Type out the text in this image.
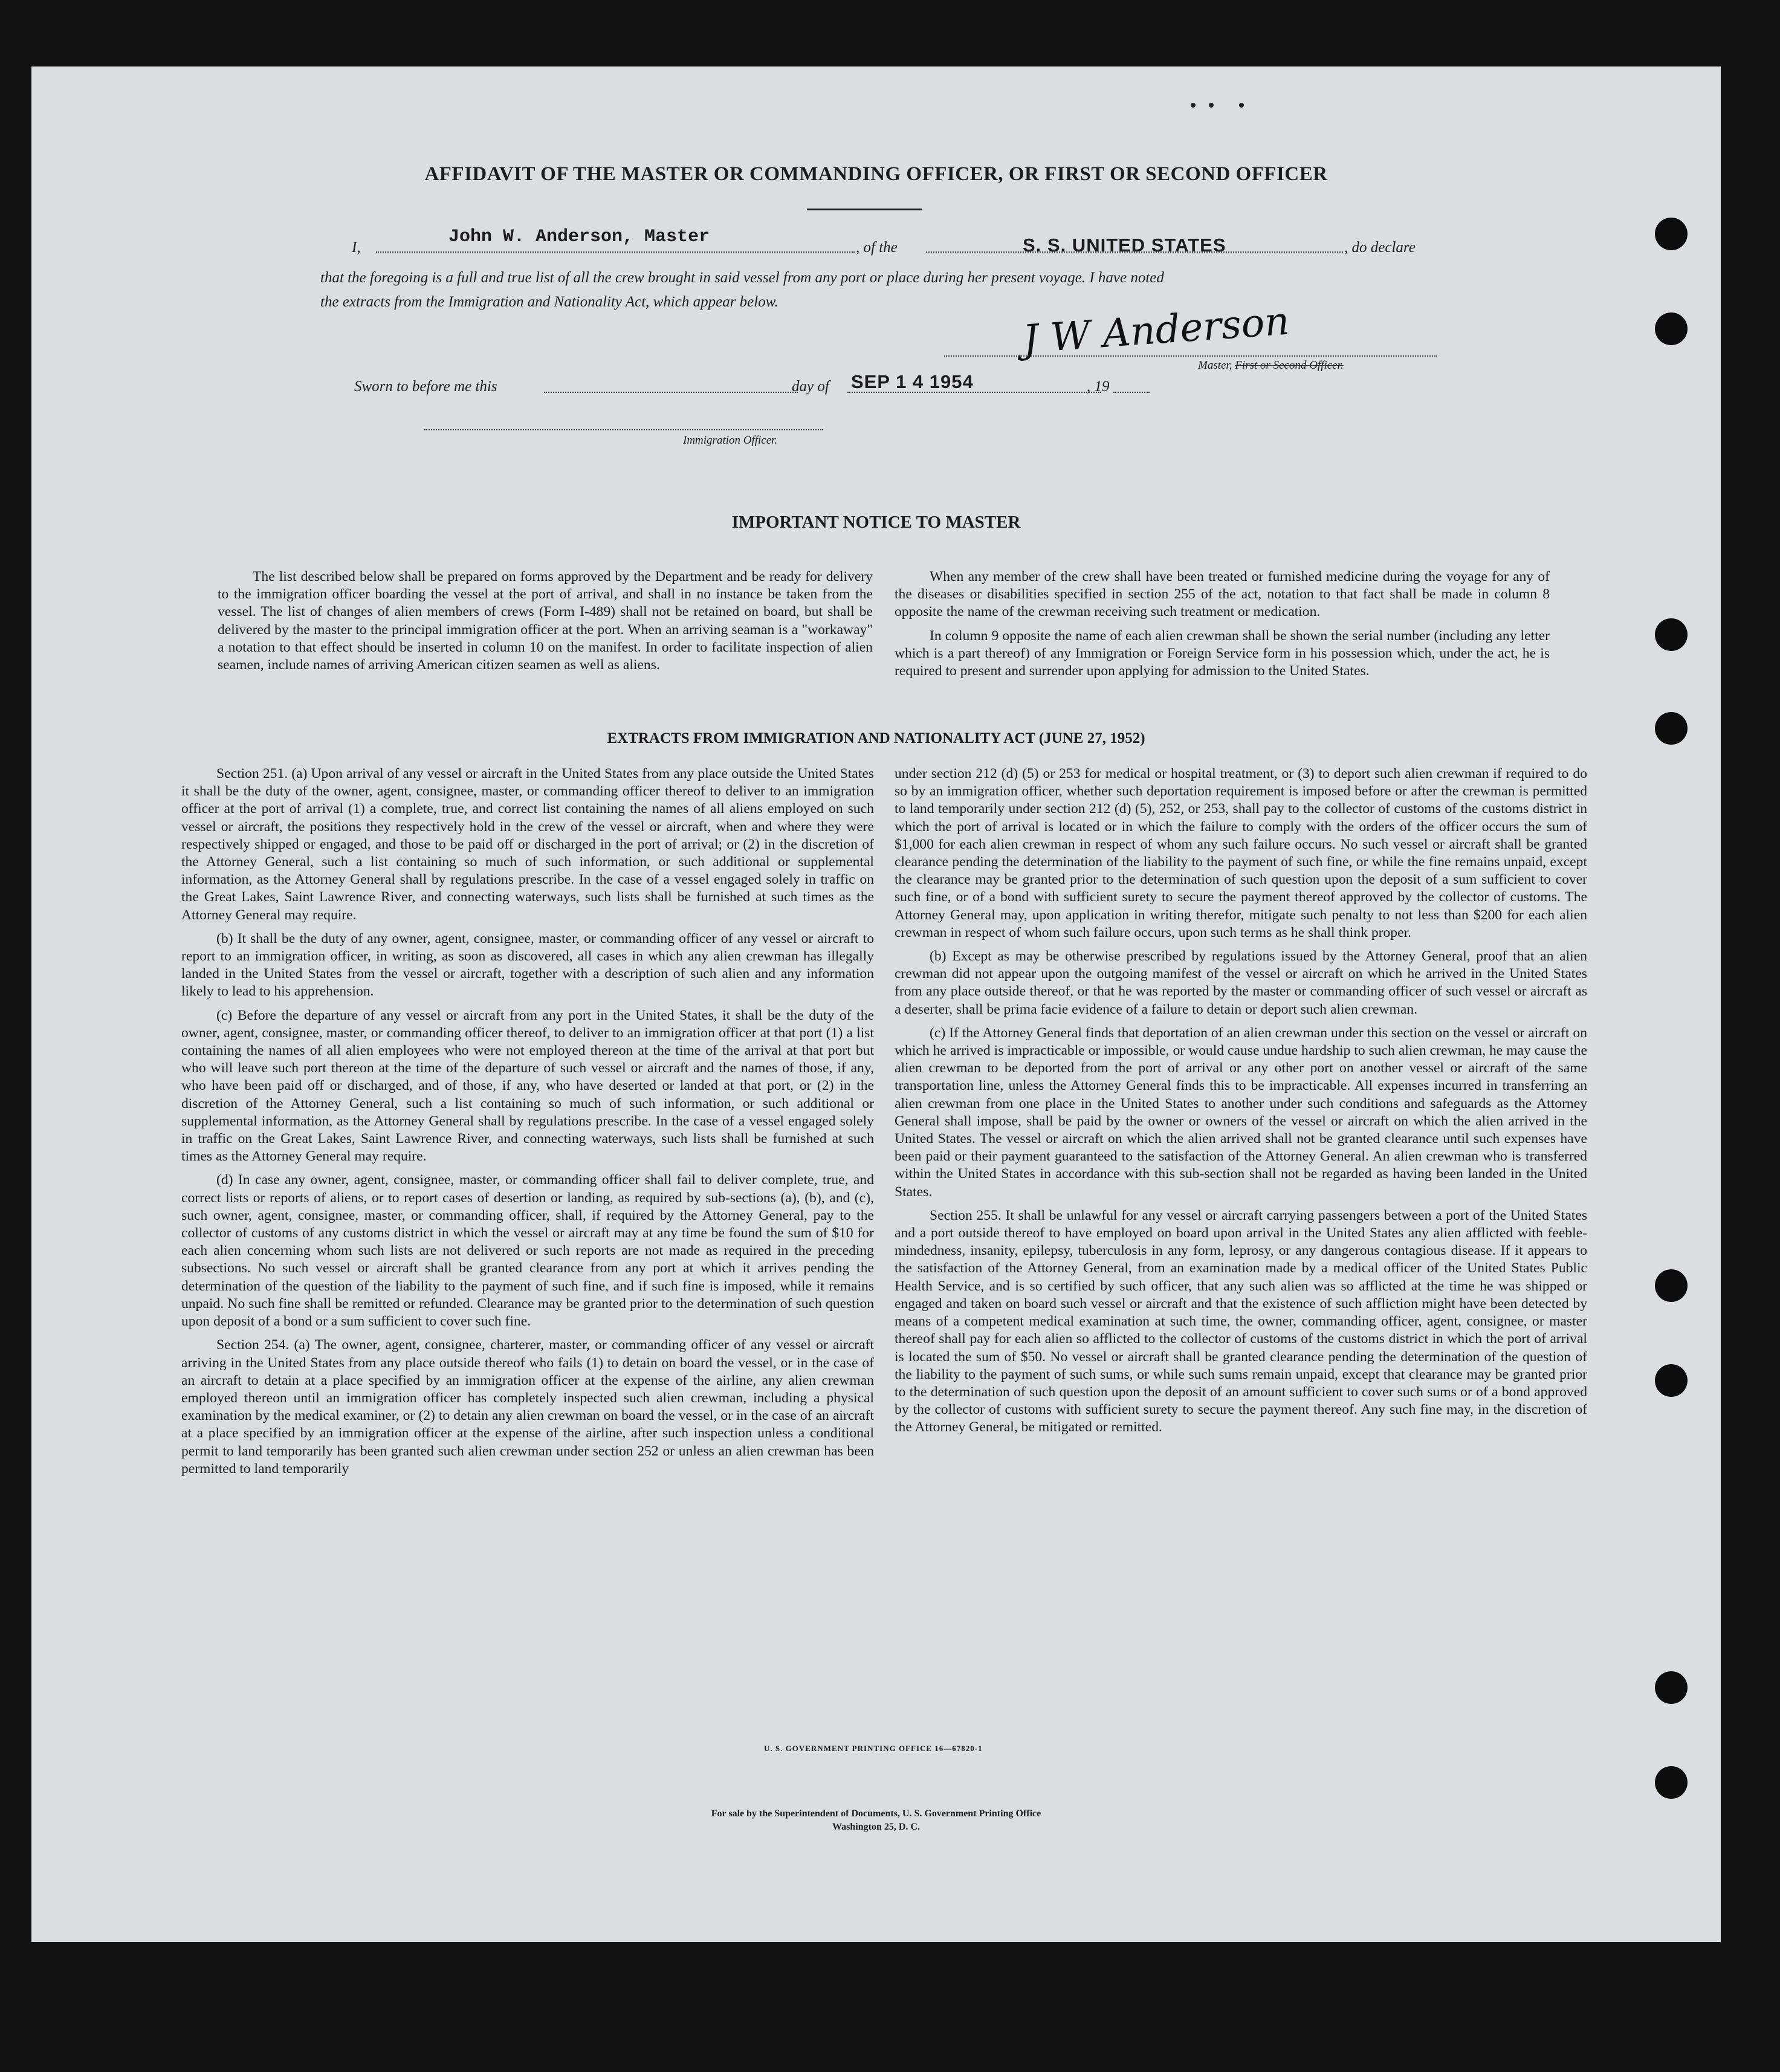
AFFIDAVIT OF THE MASTER OR COMMANDING OFFICER, OR FIRST OR SECOND OFFICER
I,
John W. Anderson, Master
, of the	S. S. UNITED STATES	, do declare
that the foregoing is a full and true list of all the crew brought in said vessel from any port or place during her present voyage. I have noted
the extracts from the Immigration and Nationality Act, which appear below.	J W Anderson
Master, First or Second Officer.
Sworn to before me this	day of SEP 1 4 1954	, 19
Immigration Officer.
IMPORTANT NOTICE TO MASTER

The list described below shall be prepared on forms approved by the Department and be ready for delivery to the immigration officer boarding the vessel at the port of arrival, and shall in no instance be taken from the vessel. The list of changes of alien members of crews (Form I-489) shall not be retained on board, but shall be delivered by the master to the principal immigration officer at the port. When an arriving seaman is a "workaway" a notation to that effect should be inserted in column 10 on the manifest. In order to facilitate inspection of alien seamen, include names of arriving American citizen seamen as well as aliens.

When any member of the crew shall have been treated or furnished medicine during the voyage for any of the diseases or disabilities specified in section 255 of the act, notation to that fact shall be made in column 8 opposite the name of the crewman receiving such treatment or medication.

In column 9 opposite the name of each alien crewman shall be shown the serial number (including any letter which is a part thereof) of any Immigration or Foreign Service form in his possession which, under the act, he is required to present and surrender upon applying for admission to the United States.

EXTRACTS FROM IMMIGRATION AND NATIONALITY ACT (JUNE 27, 1952)

Section 251. (a) Upon arrival of any vessel or aircraft in the United States from any place outside the United States it shall be the duty of the owner, agent, consignee, master, or commanding officer thereof to deliver to an immigration officer at the port of arrival (1) a complete, true, and correct list containing the names of all aliens employed on such vessel or aircraft, the positions they respectively hold in the crew of the vessel or aircraft, when and where they were respectively shipped or engaged, and those to be paid off or discharged in the port of arrival; or (2) in the discretion of the Attorney General, such a list containing so much of such information, or such additional or supplemental information, as the Attorney General shall by regulations prescribe. In the case of a vessel engaged solely in traffic on the Great Lakes, Saint Lawrence River, and connecting waterways, such lists shall be furnished at such times as the Attorney General may require.

(b) It shall be the duty of any owner, agent, consignee, master, or commanding officer of any vessel or aircraft to report to an immigration officer, in writing, as soon as discovered, all cases in which any alien crewman has illegally landed in the United States from the vessel or aircraft, together with a description of such alien and any information likely to lead to his apprehension.

(c) Before the departure of any vessel or aircraft from any port in the United States, it shall be the duty of the owner, agent, consignee, master, or commanding officer thereof, to deliver to an immigration officer at that port (1) a list containing the names of all alien employees who were not employed thereon at the time of the arrival at that port but who will leave such port thereon at the time of the departure of such vessel or aircraft and the names of those, if any, who have been paid off or discharged, and of those, if any, who have deserted or landed at that port, or (2) in the discretion of the Attorney General, such a list containing so much of such information, or such additional or supplemental information, as the Attorney General shall by regulations prescribe. In the case of a vessel engaged solely in traffic on the Great Lakes, Saint Lawrence River, and connecting waterways, such lists shall be furnished at such times as the Attorney General may require.

(d) In case any owner, agent, consignee, master, or commanding officer shall fail to deliver complete, true, and correct lists or reports of aliens, or to report cases of desertion or landing, as required by sub-sections (a), (b), and (c), such owner, agent, consignee, master, or commanding officer, shall, if required by the Attorney General, pay to the collector of customs of any customs district in which the vessel or aircraft may at any time be found the sum of $10 for each alien concerning whom such lists are not delivered or such reports are not made as required in the preceding subsections. No such vessel or aircraft shall be granted clearance from any port at which it arrives pending the determination of the question of the liability to the payment of such fine, and if such fine is imposed, while it remains unpaid. No such fine shall be remitted or refunded. Clearance may be granted prior to the determination of such question upon deposit of a bond or a sum sufficient to cover such fine.

Section 254. (a) The owner, agent, consignee, charterer, master, or commanding officer of any vessel or aircraft arriving in the United States from any place outside thereof who fails (1) to detain on board the vessel, or in the case of an aircraft to detain at a place specified by an immigration officer at the expense of the airline, any alien crewman employed thereon until an immigration officer has completely inspected such alien crewman, including a physical examination by the medical examiner, or (2) to detain any alien crewman on board the vessel, or in the case of an aircraft at a place specified by an immigration officer at the expense of the airline, after such inspection unless a conditional permit to land temporarily has been granted such alien crewman under section 252 or unless an alien crewman has been permitted to land temporarily

under section 212 (d) (5) or 253 for medical or hospital treatment, or (3) to deport such alien crewman if required to do so by an immigration officer, whether such deportation requirement is imposed before or after the crewman is permitted to land temporarily under section 212 (d) (5), 252, or 253, shall pay to the collector of customs of the customs district in which the port of arrival is located or in which the failure to comply with the orders of the officer occurs the sum of $1,000 for each alien crewman in respect of whom any such failure occurs. No such vessel or aircraft shall be granted clearance pending the determination of the liability to the payment of such fine, or while the fine remains unpaid, except the clearance may be granted prior to the determination of such question upon the deposit of a sum sufficient to cover such fine, or of a bond with sufficient surety to secure the payment thereof approved by the collector of customs. The Attorney General may, upon application in writing therefor, mitigate such penalty to not less than $200 for each alien crewman in respect of whom such failure occurs, upon such terms as he shall think proper.

(b) Except as may be otherwise prescribed by regulations issued by the Attorney General, proof that an alien crewman did not appear upon the outgoing manifest of the vessel or aircraft on which he arrived in the United States from any place outside thereof, or that he was reported by the master or commanding officer of such vessel or aircraft as a deserter, shall be prima facie evidence of a failure to detain or deport such alien crewman.

(c) If the Attorney General finds that deportation of an alien crewman under this section on the vessel or aircraft on which he arrived is impracticable or impossible, or would cause undue hardship to such alien crewman, he may cause the alien crewman to be deported from the port of arrival or any other port on another vessel or aircraft of the same transportation line, unless the Attorney General finds this to be impracticable. All expenses incurred in transferring an alien crewman from one place in the United States to another under such conditions and safeguards as the Attorney General shall impose, shall be paid by the owner or owners of the vessel or aircraft on which the alien arrived in the United States. The vessel or aircraft on which the alien arrived shall not be granted clearance until such expenses have been paid or their payment guaranteed to the satisfaction of the Attorney General. An alien crewman who is transferred within the United States in accordance with this sub-section shall not be regarded as having been landed in the United States.

Section 255. It shall be unlawful for any vessel or aircraft carrying passengers between a port of the United States and a port outside thereof to have employed on board upon arrival in the United States any alien afflicted with feeble-mindedness, insanity, epilepsy, tuberculosis in any form, leprosy, or any dangerous contagious disease. If it appears to the satisfaction of the Attorney General, from an examination made by a medical officer of the United States Public Health Service, and is so certified by such officer, that any such alien was so afflicted at the time he was shipped or engaged and taken on board such vessel or aircraft and that the existence of such affliction might have been detected by means of a competent medical examination at such time, the owner, commanding officer, agent, consignee, or master thereof shall pay for each alien so afflicted to the collector of customs of the customs district in which the port of arrival is located the sum of $50. No vessel or aircraft shall be granted clearance pending the determination of the question of the liability to the payment of such sums, or while such sums remain unpaid, except that clearance may be granted prior to the determination of such question upon the deposit of an amount sufficient to cover such sums or of a bond approved by the collector of customs with sufficient surety to secure the payment thereof. Any such fine may, in the discretion of the Attorney General, be mitigated or remitted.

U. S. GOVERNMENT PRINTING OFFICE 16—67820-1
For sale by the Superintendent of Documents, U. S. Government Printing Office
Washington 25, D. C.
